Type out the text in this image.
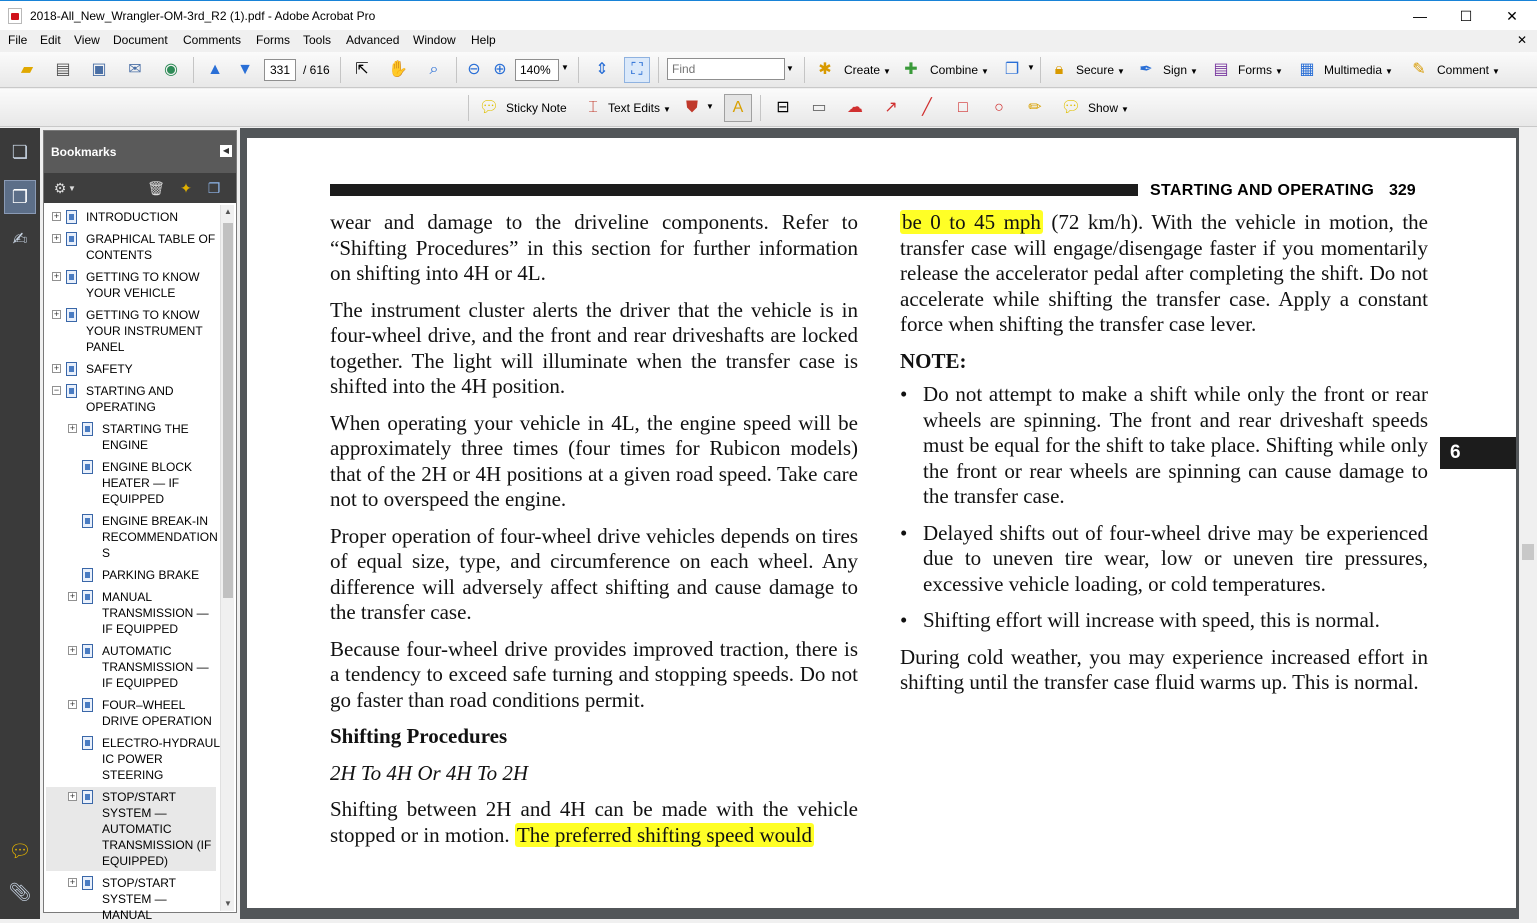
2018-All_New_Wrangler-OM-3rd_R2 (1).pdf - Adobe Acrobat Pro	—	☐	✕
File Edit View Document Comments Forms Tools Advanced Window Help	✕
▰	▤ ▣ ✉ ◉ ▲ ▼
331	/ 616 ⇱ ✋	⌕	⊖ ⊕
140%	▼ ⇕	⛶
Find	▼ ✱	Create ▼ ✚	Combine ▼ ❐ ▼	🔒︎	Secure ▼ ✒ Sign ▼ ▤ Forms ▼ ▦ Multimedia ▼ ✎ Comment ▼
💬︎ Sticky Note	⌶ Text Edits ▼ ⛊	▼	A	⊟ ▭ ☁ ↗	╱	□	○	✏ 💬︎ Show ▼
❏
❐
✍
💬︎
📎︎
Bookmarks	◀
⚙ ▼	🗑︎ ✦ ❐
+ INTRODUCTION
+ GRAPHICAL TABLE OF
CONTENTS
+ GETTING TO KNOW
YOUR VEHICLE
+ GETTING TO KNOW
YOUR INSTRUMENT
PANEL
+ SAFETY
− STARTING AND
OPERATING
+ STARTING THE
ENGINE
ENGINE BLOCK
HEATER — IF
EQUIPPED
ENGINE BREAK-IN
RECOMMENDATION
S
PARKING BRAKE
+ MANUAL
TRANSMISSION —
IF EQUIPPED
+ AUTOMATIC
TRANSMISSION —
IF EQUIPPED
+ FOUR–WHEEL
DRIVE OPERATION
ELECTRO-HYDRAUL
IC POWER
STEERING
+ STOP/START
SYSTEM —
AUTOMATIC
TRANSMISSION (IF
EQUIPPED)
+ STOP/START
SYSTEM —
MANUAL
▲
▼
STARTING AND OPERATING 329
6

wear and damage to the driveline components. Refer to “Shifting Procedures” in this section for further information on shifting into 4H or 4L.

The instrument cluster alerts the driver that the vehicle is in four-wheel drive, and the front and rear driveshafts are locked together. The light will illuminate when the transfer case is shifted into the 4H position.

When operating your vehicle in 4L, the engine speed will be approximately three times (four times for Rubicon models) that of the 2H or 4H positions at a given road speed. Take care not to overspeed the engine.

Proper operation of four-wheel drive vehicles depends on tires of equal size, type, and circumference on each wheel. Any difference will adversely affect shifting and cause damage to the transfer case.

Because four-wheel drive provides improved traction, there is a tendency to exceed safe turning and stopping speeds. Do not go faster than road conditions permit.

Shifting Procedures

2H To 4H Or 4H To 2H

Shifting between 2H and 4H can be made with the vehicle stopped or in motion. The preferred shifting speed would

be 0 to 45 mph (72 km/h). With the vehicle in motion, the transfer case will engage/disengage faster if you momentarily release the accelerator pedal after completing the shift. Do not accelerate while shifting the transfer case. Apply a constant force when shifting the transfer case lever.

NOTE:

• Do not attempt to make a shift while only the front or rear wheels are spinning. The front and rear driveshaft speeds must be equal for the shift to take place. Shifting while only the front or rear wheels are spinning can cause damage to the transfer case.
• Delayed shifts out of four-wheel drive may be experienced due to uneven tire wear, low or uneven tire pressures, excessive vehicle loading, or cold temperatures.
• Shifting effort will increase with speed, this is normal.

During cold weather, you may experience increased effort in shifting until the transfer case fluid warms up. This is normal.
